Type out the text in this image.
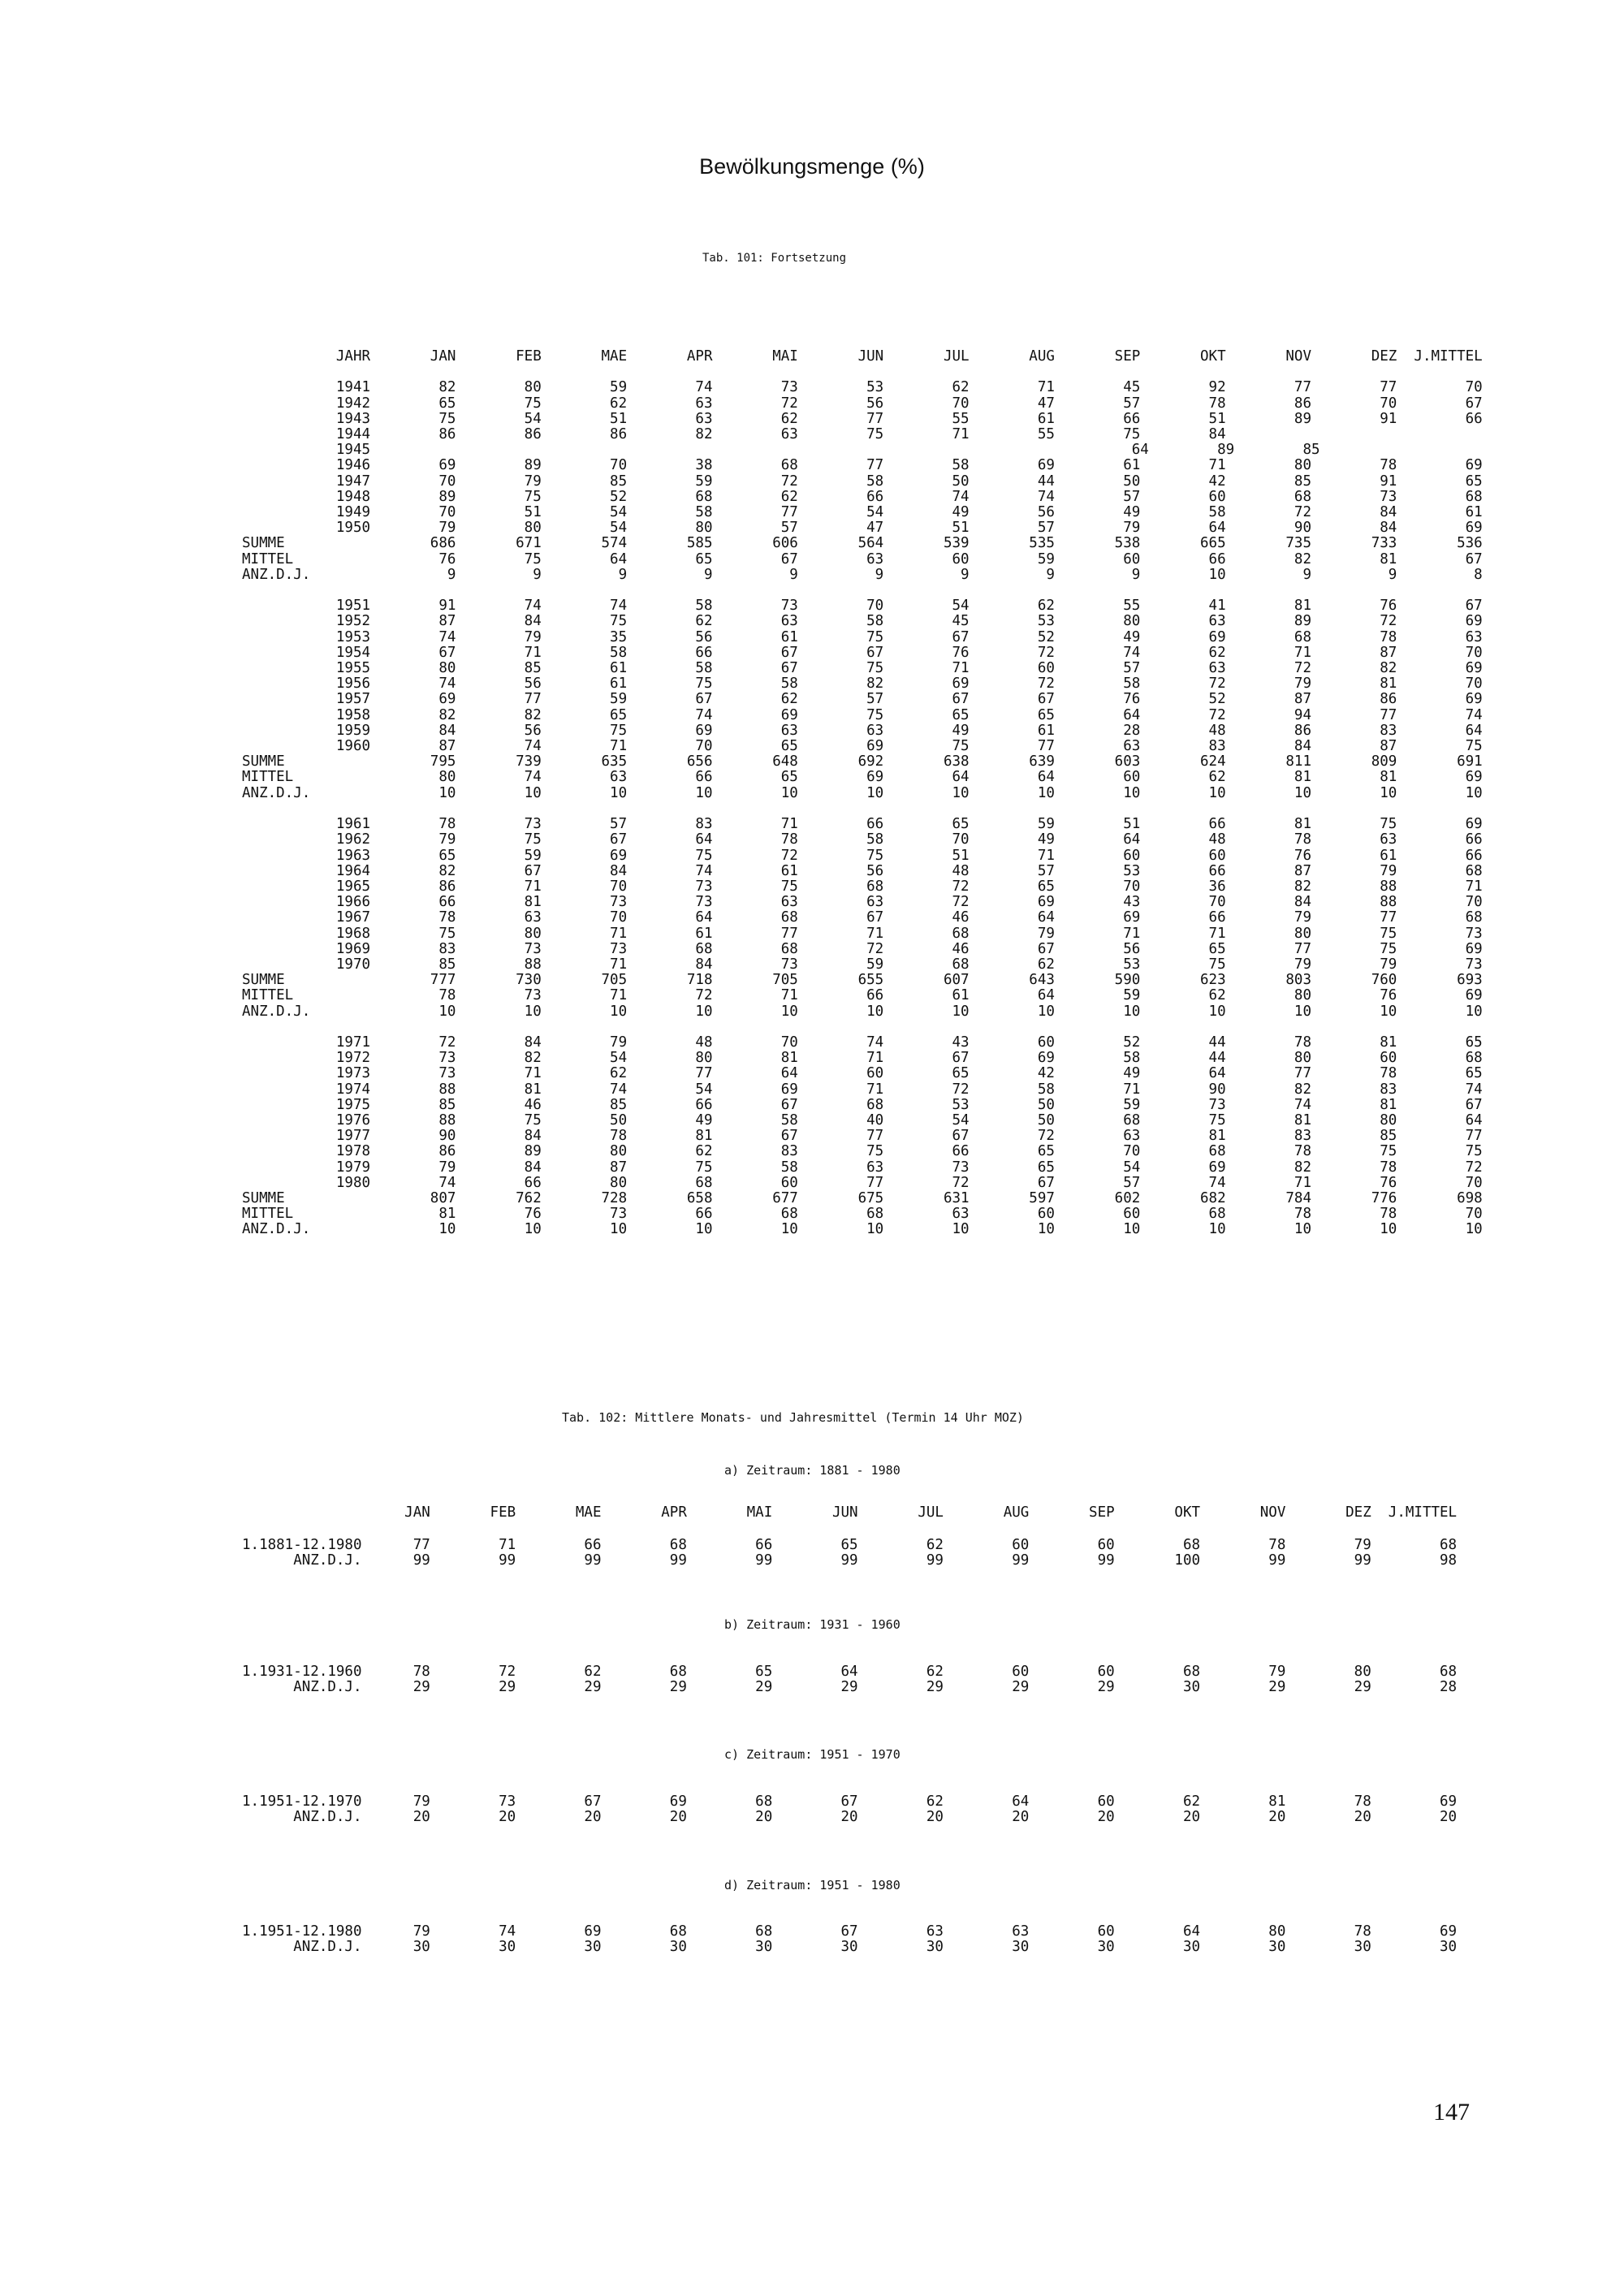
Bewölkungsmenge (%)
Tab. 101: Fortsetzung
JAHR       JAN       FEB       MAE       APR       MAI       JUN       JUL       AUG       SEP       OKT       NOV       DEZ  J.MITTEL

1941        82        80        59        74        73        53        62        71        45        92        77        77        70
1942        65        75        62        63        72        56        70        47        57        78        86        70        67
1943        75        54        51        63        62        77        55        61        66        51        89        91        66
1944        86        86        86        82        63        75        71        55        75        84
1945                                                                                         64        89        85
1946        69        89        70        38        68        77        58        69        61        71        80        78        69
1947        70        79        85        59        72        58        50        44        50        42        85        91        65
1948        89        75        52        68        62        66        74        74        57        60        68        73        68
1949        70        51        54        58        77        54        49        56        49        58        72        84        61
1950        79        80        54        80        57        47        51        57        79        64        90        84        69
SUMME                 686       671       574       585       606       564       539       535       538       665       735       733       536
MITTEL                 76        75        64        65        67        63        60        59        60        66        82        81        67
ANZ.D.J.                9         9         9         9         9         9         9         9         9        10         9         9         8

1951        91        74        74        58        73        70        54        62        55        41        81        76        67
1952        87        84        75        62        63        58        45        53        80        63        89        72        69
1953        74        79        35        56        61        75        67        52        49        69        68        78        63
1954        67        71        58        66        67        67        76        72        74        62        71        87        70
1955        80        85        61        58        67        75        71        60        57        63        72        82        69
1956        74        56        61        75        58        82        69        72        58        72        79        81        70
1957        69        77        59        67        62        57        67        67        76        52        87        86        69
1958        82        82        65        74        69        75        65        65        64        72        94        77        74
1959        84        56        75        69        63        63        49        61        28        48        86        83        64
1960        87        74        71        70        65        69        75        77        63        83        84        87        75
SUMME                 795       739       635       656       648       692       638       639       603       624       811       809       691
MITTEL                 80        74        63        66        65        69        64        64        60        62        81        81        69
ANZ.D.J.               10        10        10        10        10        10        10        10        10        10        10        10        10

1961        78        73        57        83        71        66        65        59        51        66        81        75        69
1962        79        75        67        64        78        58        70        49        64        48        78        63        66
1963        65        59        69        75        72        75        51        71        60        60        76        61        66
1964        82        67        84        74        61        56        48        57        53        66        87        79        68
1965        86        71        70        73        75        68        72        65        70        36        82        88        71
1966        66        81        73        73        63        63        72        69        43        70        84        88        70
1967        78        63        70        64        68        67        46        64        69        66        79        77        68
1968        75        80        71        61        77        71        68        79        71        71        80        75        73
1969        83        73        73        68        68        72        46        67        56        65        77        75        69
1970        85        88        71        84        73        59        68        62        53        75        79        79        73
SUMME                 777       730       705       718       705       655       607       643       590       623       803       760       693
MITTEL                 78        73        71        72        71        66        61        64        59        62        80        76        69
ANZ.D.J.               10        10        10        10        10        10        10        10        10        10        10        10        10

1971        72        84        79        48        70        74        43        60        52        44        78        81        65
1972        73        82        54        80        81        71        67        69        58        44        80        60        68
1973        73        71        62        77        64        60        65        42        49        64        77        78        65
1974        88        81        74        54        69        71        72        58        71        90        82        83        74
1975        85        46        85        66        67        68        53        50        59        73        74        81        67
1976        88        75        50        49        58        40        54        50        68        75        81        80        64
1977        90        84        78        81        67        77        67        72        63        81        83        85        77
1978        86        89        80        62        83        75        66        65        70        68        78        75        75
1979        79        84        87        75        58        63        73        65        54        69        82        78        72
1980        74        66        80        68        60        77        72        67        57        74        71        76        70
SUMME                 807       762       728       658       677       675       631       597       602       682       784       776       698
MITTEL                 81        76        73        66        68        68        63        60        60        68        78        78        70
ANZ.D.J.               10        10        10        10        10        10        10        10        10        10        10        10        10
Tab. 102: Mittlere Monats- und Jahresmittel (Termin 14 Uhr MOZ)
JAN       FEB       MAE       APR       MAI       JUN       JUL       AUG       SEP       OKT       NOV       DEZ  J.MITTEL
a) Zeitraum: 1881 - 1980
1.1881-12.1980      77        71        66        68        66        65        62        60        60        68        78        79        68
ANZ.D.J.      99        99        99        99        99        99        99        99        99       100        99        99        98
b) Zeitraum: 1931 - 1960
1.1931-12.1960      78        72        62        68        65        64        62        60        60        68        79        80        68
ANZ.D.J.      29        29        29        29        29        29        29        29        29        30        29        29        28
c) Zeitraum: 1951 - 1970
1.1951-12.1970      79        73        67        69        68        67        62        64        60        62        81        78        69
ANZ.D.J.      20        20        20        20        20        20        20        20        20        20        20        20        20
d) Zeitraum: 1951 - 1980
1.1951-12.1980      79        74        69        68        68        67        63        63        60        64        80        78        69
ANZ.D.J.      30        30        30        30        30        30        30        30        30        30        30        30        30
147
